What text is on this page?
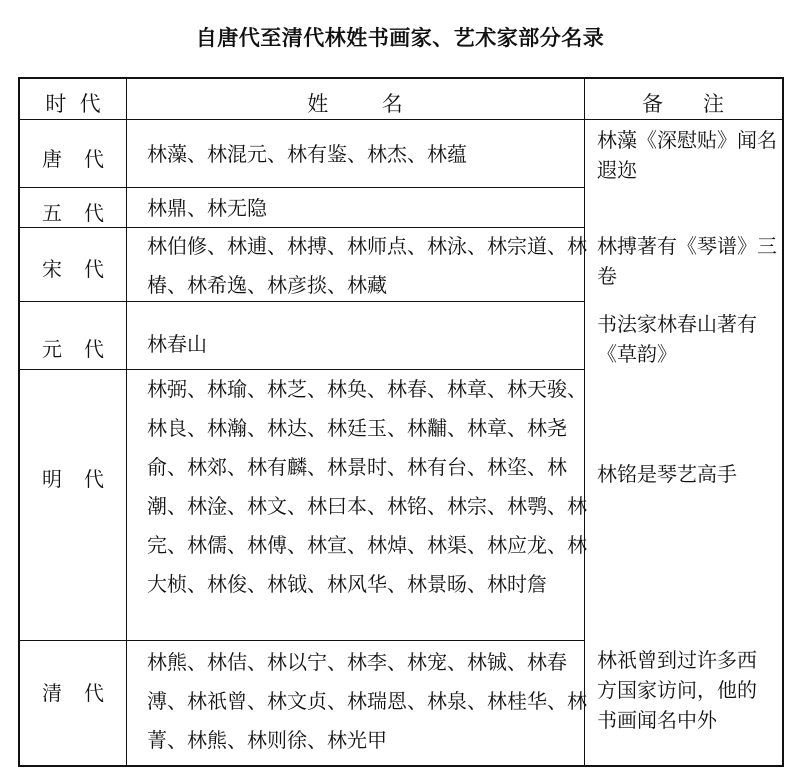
自唐代至清代林姓书画家、艺术家部分名录
时  代	姓        名	备      注
唐代
五代
宋代
元代
明代
清代
林藻、林混元、林有鉴、林杰、林蕴
林鼎、林无隐
林伯修、林逋、林搏、林师点、林泳、林宗道、林椿、林希逸、林彦掞、林藏
林春山
林弼、林瑜、林芝、林奂、林春、林章、林天骏、林良、林瀚、林达、林廷玉、林黼、林章、林尧俞、林郊、林有麟、林景时、林有台、林垐、林潮、林淦、林文、林曰本、林铭、林宗、林鹗、林完、林儒、林傅、林宣、林焯、林渠、林应龙、林大桢、林俊、林钺、林风华、林景旸、林时詹
林熊、林佶、林以宁、林李、林宠、林铖、林春溥、林祇曾、林文贞、林瑞恩、林泉、林桂华、林菁、林熊、林则徐、林光甲
林藻《深慰贴》闻名遐迩
林搏著有《琴谱》三卷
书法家林春山著有《草韵》
林铭是琴艺高手
林祇曾到过许多西方国家访问，他的书画闻名中外
